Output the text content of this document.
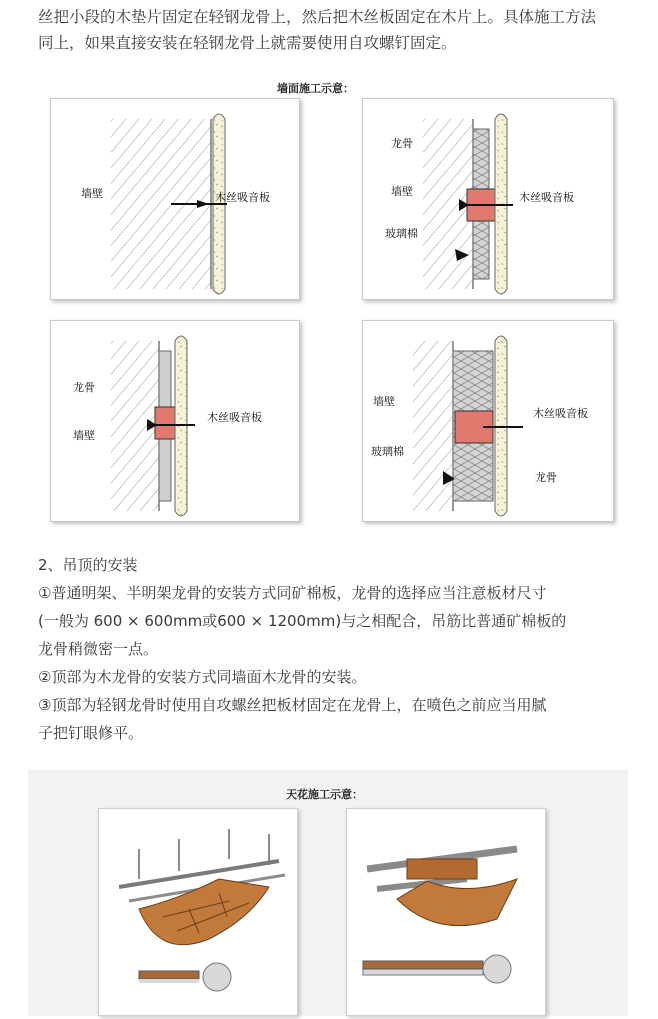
丝把小段的木垫片固定在轻钢龙骨上，然后把木丝板固定在木片上。具体施工方法

同上，如果直接安装在轻钢龙骨上就需要使用自攻螺钉固定。

墙面施工示意：
墙壁	木丝吸音板
龙骨
墙壁
玻璃棉
木丝吸音板
龙骨
墙壁
木丝吸音板
墙壁
玻璃棉
木丝吸音板
龙骨

2、吊顶的安装

①普通明架、半明架龙骨的安装方式同矿棉板，龙骨的选择应当注意板材尺寸

(一般为 600 × 600mm或600 × 1200mm)与之相配合，吊筋比普通矿棉板的

龙骨稍微密一点。

②顶部为木龙骨的安装方式同墙面木龙骨的安装。

③顶部为轻钢龙骨时使用自攻螺丝把板材固定在龙骨上，在喷色之前应当用腻

子把钉眼修平。

天花施工示意：
